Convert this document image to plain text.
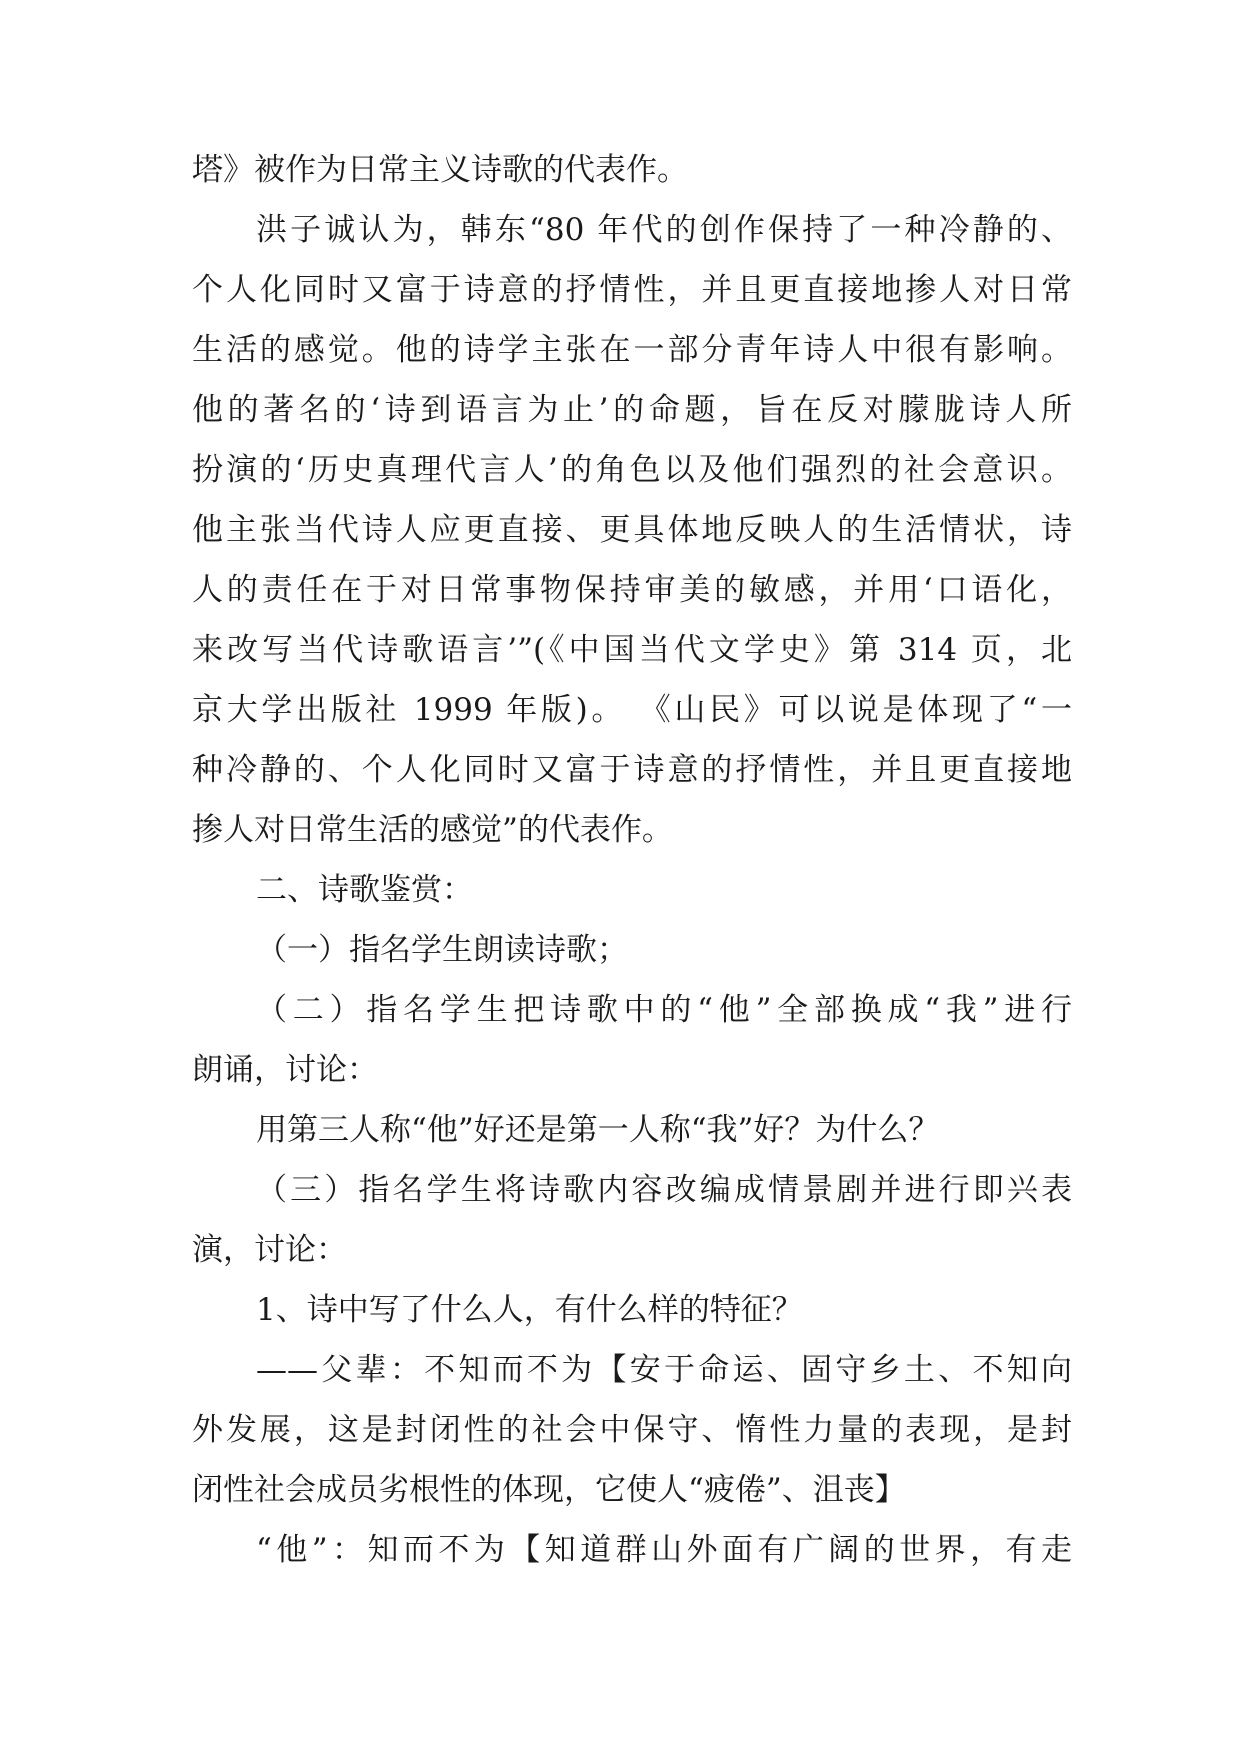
塔》被作为日常主义诗歌的代表作。
洪子诚认为，韩东“80 年代的创作保持了一种冷静的、
个人化同时又富于诗意的抒情性，并且更直接地掺人对日常
生活的感觉。他的诗学主张在一部分青年诗人中很有影响。
他的著名的‘诗到语言为止’的命题，旨在反对朦胧诗人所
扮演的‘历史真理代言人’的角色以及他们强烈的社会意识。
他主张当代诗人应更直接、更具体地反映人的生活情状，诗
人的责任在于对日常事物保持审美的敏感，并用‘口语化，
来改写当代诗歌语言’”(《中国当代文学史》第 314 页，北
京大学出版社 1999 年版)。 《山民》可以说是体现了“一
种冷静的、个人化同时又富于诗意的抒情性，并且更直接地
掺人对日常生活的感觉”的代表作。
二、诗歌鉴赏：
（一）指名学生朗读诗歌；
（二）指名学生把诗歌中的“他”全部换成“我”进行
朗诵，讨论：
用第三人称“他”好还是第一人称“我”好？为什么？
（三）指名学生将诗歌内容改编成情景剧并进行即兴表
演，讨论：
1、诗中写了什么人，有什么样的特征？
——父辈：不知而不为【安于命运、固守乡土、不知向
外发展，这是封闭性的社会中保守、惰性力量的表现，是封
闭性社会成员劣根性的体现，它使人“疲倦”、沮丧】
“他”：知而不为【知道群山外面有广阔的世界，有走
